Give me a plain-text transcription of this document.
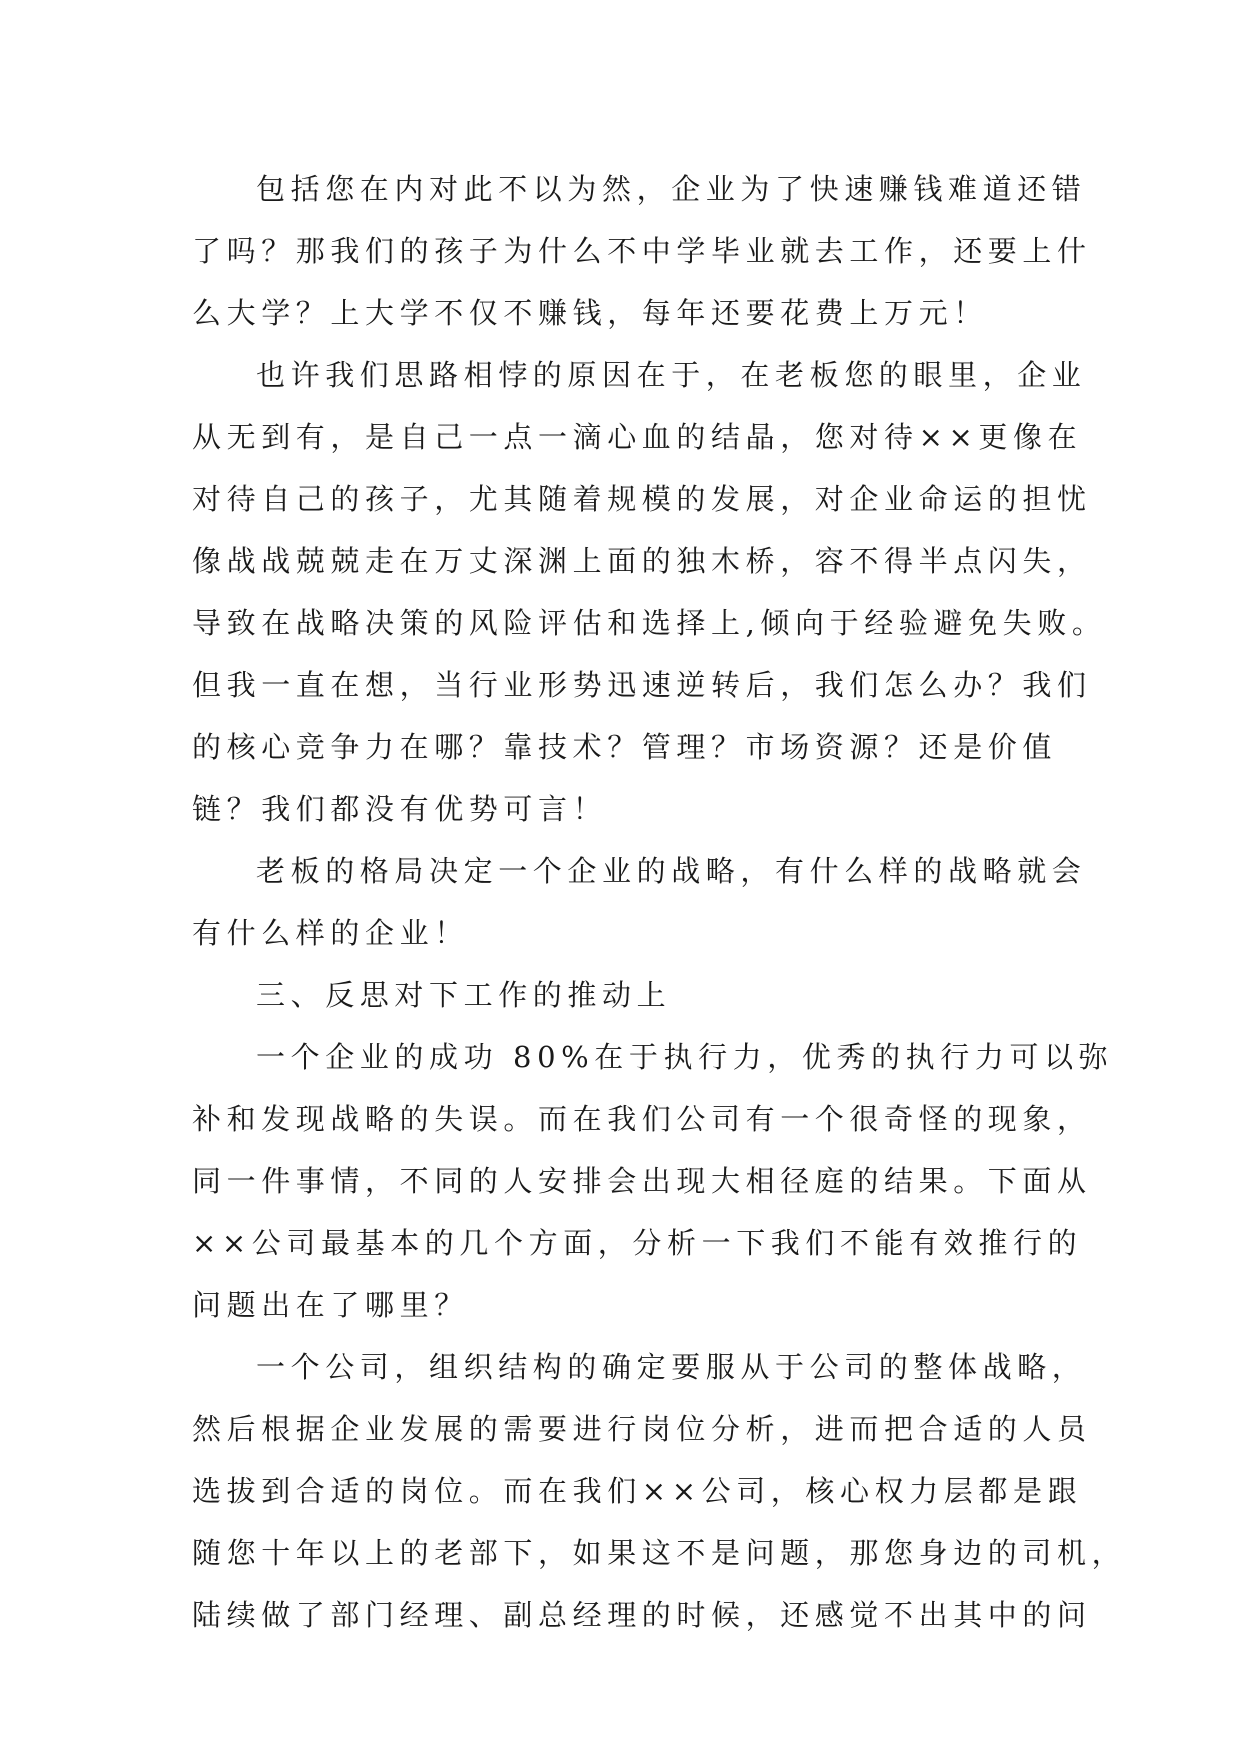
包括您在内对此不以为然，企业为了快速赚钱难道还错
了吗？那我们的孩子为什么不中学毕业就去工作，还要上什
么大学？上大学不仅不赚钱，每年还要花费上万元！
也许我们思路相悖的原因在于，在老板您的眼里，企业
从无到有，是自己一点一滴心血的结晶，您对待××更像在
对待自己的孩子，尤其随着规模的发展，对企业命运的担忧
像战战兢兢走在万丈深渊上面的独木桥，容不得半点闪失，
导致在战略决策的风险评估和选择上,倾向于经验避免失败。
但我一直在想，当行业形势迅速逆转后，我们怎么办？我们
的核心竞争力在哪？靠技术？管理？市场资源？还是价值
链？我们都没有优势可言！
老板的格局决定一个企业的战略，有什么样的战略就会
有什么样的企业！
三、反思对下工作的推动上
一个企业的成功 80%在于执行力，优秀的执行力可以弥
补和发现战略的失误。而在我们公司有一个很奇怪的现象，
同一件事情，不同的人安排会出现大相径庭的结果。下面从
××公司最基本的几个方面，分析一下我们不能有效推行的
问题出在了哪里？
一个公司，组织结构的确定要服从于公司的整体战略，
然后根据企业发展的需要进行岗位分析，进而把合适的人员
选拔到合适的岗位。而在我们××公司，核心权力层都是跟
随您十年以上的老部下，如果这不是问题，那您身边的司机，
陆续做了部门经理、副总经理的时候，还感觉不出其中的问
